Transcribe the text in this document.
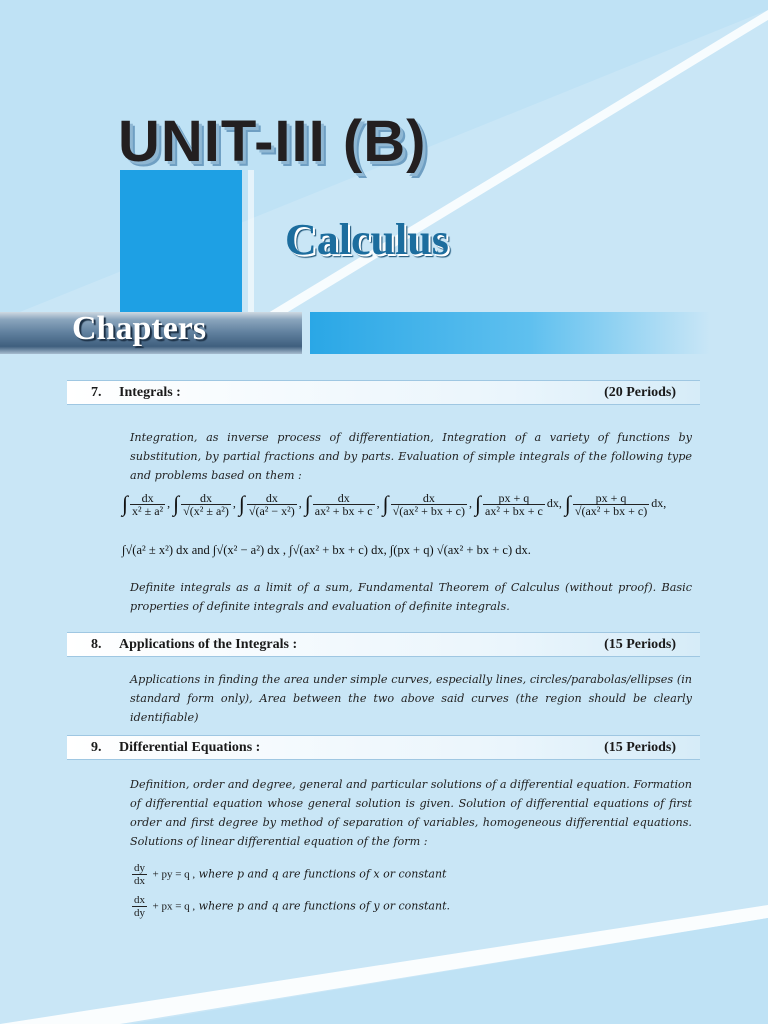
UNIT-III (B)
Calculus
Chapters
7. Integrals :	(20 Periods)

Integration, as inverse process of differentiation, Integration of a variety of functions by substitution, by partial fractions and by parts. Evaluation of simple integrals of the following type and problems based on them :

∫ $\frac{dx}{\text{x² ± a²}}$ , ∫ $\frac{dx}{\text{√(x² ± a²)}}$ , ∫ $\frac{dx}{\text{√(a² − x²)}}$ , ∫ $\frac{dx}{\text{ax² + bx + c}}$ , ∫ $\frac{dx}{\text{√(ax² + bx + c)}}$ , ∫ $\frac{px + q}{\text{ax² + bx + c}}$ dx, ∫ $\frac{px + q}{\text{√(ax² + bx + c)}}$ dx,
∫√(a² ± x²) dx and ∫√(x² − a²) dx , ∫√(ax² + bx + c) dx, ∫(px + q) √(ax² + bx + c) dx.

Definite integrals as a limit of a sum, Fundamental Theorem of Calculus (without proof). Basic properties of definite integrals and evaluation of definite integrals.

8. Applications of the Integrals :	(15 Periods)

Applications in finding the area under simple curves, especially lines, circles/parabolas/ellipses (in standard form only), Area between the two above said curves (the region should be clearly identifiable)

9. Differential Equations :	(15 Periods)

Definition, order and degree, general and particular solutions of a differential equation. Formation of differential equation whose general solution is given. Solution of differential equations of first order and first degree by method of separation of variables, homogeneous differential equations. Solutions of linear differential equation of the form :

$\frac{dy}{dx}$ + py = q , where p and q are functions of x or constant
$\frac{dx}{dy}$ + px = q , where p and q are functions of y or constant.
